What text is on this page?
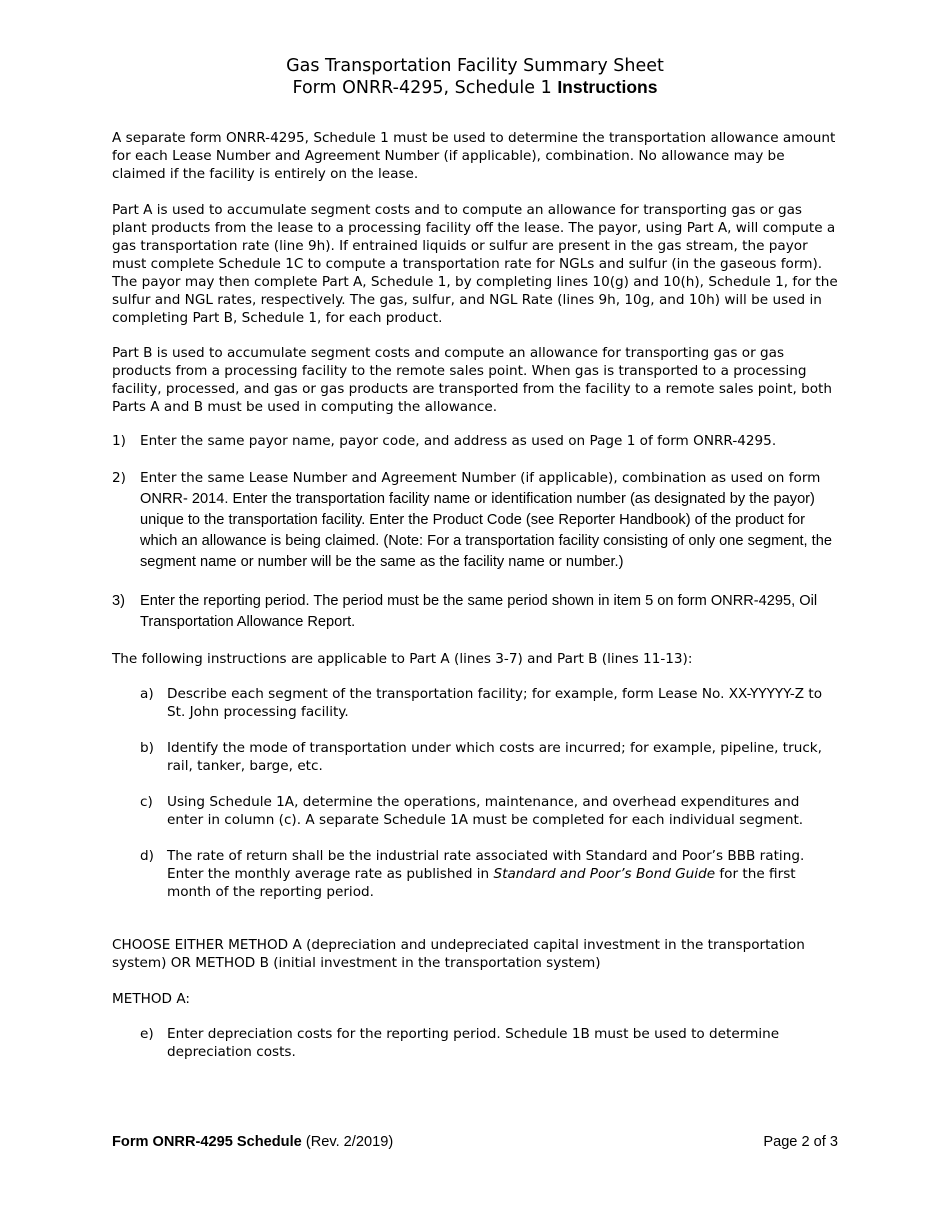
Gas Transportation Facility Summary Sheet
Form ONRR-4295, Schedule 1 Instructions

A separate form ONRR-4295, Schedule 1 must be used to determine the transportation allowance amount for each Lease Number and Agreement Number (if applicable), combination. No allowance may be claimed if the facility is entirely on the lease.

Part A is used to accumulate segment costs and to compute an allowance for transporting gas or gas plant products from the lease to a processing facility off the lease. The payor, using Part A, will compute a gas transportation rate (line 9h). If entrained liquids or sulfur are present in the gas stream, the payor must complete Schedule 1C to compute a transportation rate for NGLs and sulfur (in the gaseous form). The payor may then complete Part A, Schedule 1, by completing lines 10(g) and 10(h), Schedule 1, for the sulfur and NGL rates, respectively. The gas, sulfur, and NGL Rate (lines 9h, 10g, and 10h) will be used in completing Part B, Schedule 1, for each product.

Part B is used to accumulate segment costs and compute an allowance for transporting gas or gas products from a processing facility to the remote sales point. When gas is transported to a processing facility, processed, and gas or gas products are transported from the facility to a remote sales point, both Parts A and B must be used in computing the allowance.

1) Enter the same payor name, payor code, and address as used on Page 1 of form ONRR-4295.
2) Enter the same Lease Number and Agreement Number (if applicable), combination as used on form ONRR- 2014. Enter the transportation facility name or identification number (as designated by the payor) unique to the transportation facility. Enter the Product Code (see Reporter Handbook) of the product for which an allowance is being claimed. (Note: For a transportation facility consisting of only one segment, the segment name or number will be the same as the facility name or number.)
3) Enter the reporting period. The period must be the same period shown in item 5 on form ONRR-4295, Oil Transportation Allowance Report.

The following instructions are applicable to Part A (lines 3-7) and Part B (lines 11-13):

a) Describe each segment of the transportation facility; for example, form Lease No. XX-YYYYY-Z to St. John processing facility.
b) Identify the mode of transportation under which costs are incurred; for example, pipeline, truck, rail, tanker, barge, etc.
c) Using Schedule 1A, determine the operations, maintenance, and overhead expenditures and enter in column (c). A separate Schedule 1A must be completed for each individual segment.
d) The rate of return shall be the industrial rate associated with Standard and Poor’s BBB rating. Enter the monthly average rate as published in Standard and Poor’s Bond Guide for the first month of the reporting period.

CHOOSE EITHER METHOD A (depreciation and undepreciated capital investment in the transportation system) OR METHOD B (initial investment in the transportation system)

METHOD A:

e) Enter depreciation costs for the reporting period. Schedule 1B must be used to determine depreciation costs.
Form ONRR-4295 Schedule (Rev. 2/2019)	Page 2 of 3
